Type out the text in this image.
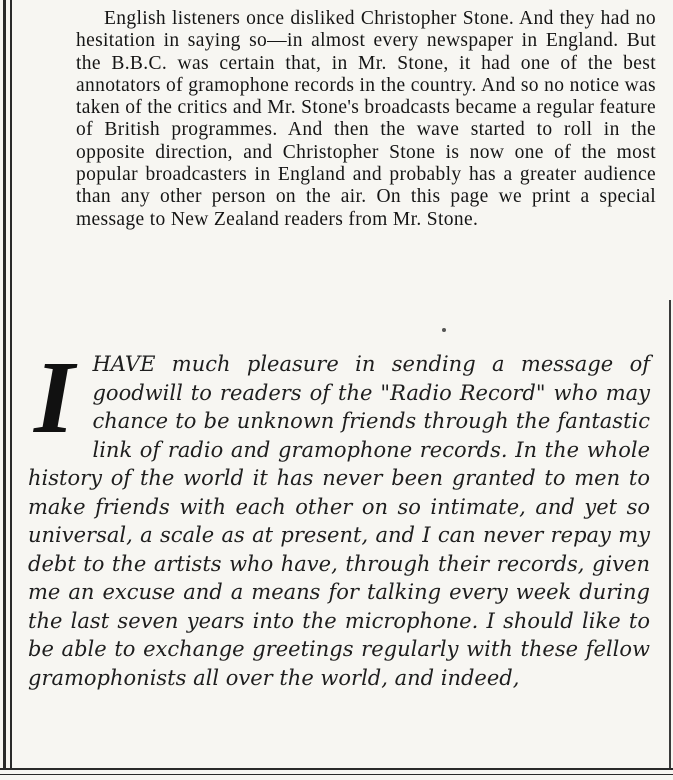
English listeners once disliked Christopher Stone. And they had no hesitation in saying so—in almost every newspaper in England. But the B.B.C. was certain that, in Mr. Stone, it had one of the best annotators of gramophone records in the country. And so no notice was taken of the critics and Mr. Stone's broadcasts became a regular feature of British programmes. And then the wave started to roll in the opposite direction, and Christopher Stone is now one of the most popular broadcasters in England and probably has a greater audience than any other person on the air. On this page we print a special message to New Zealand readers from Mr. Stone.

I HAVE much pleasure in sending a message of goodwill to readers of the "Radio Record" who may chance to be unknown friends through the fantastic link of radio and gramophone records. In the whole history of the world it has never been granted to men to make friends with each other on so intimate, and yet so universal, a scale as at present, and I can never repay my debt to the artists who have, through their records, given me an excuse and a means for talking every week during the last seven years into the microphone. I should like to be able to exchange greetings regularly with these fellow gramophonists all over the world, and indeed,
